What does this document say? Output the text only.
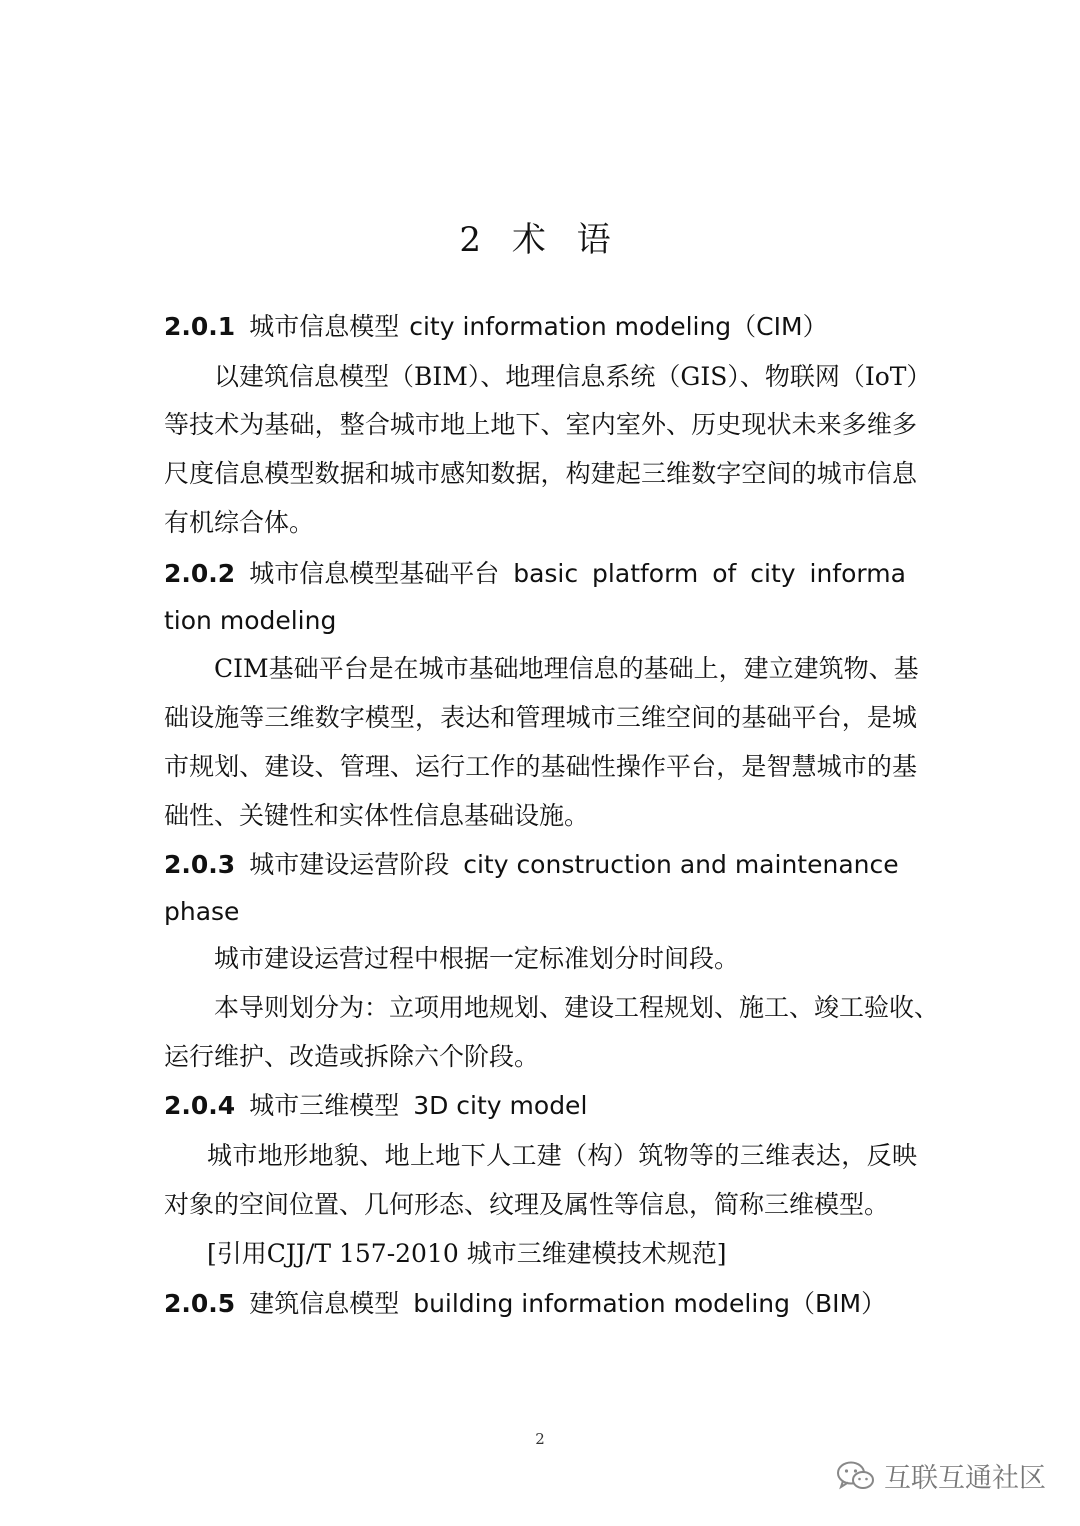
2 术 语
2.0.1 城市信息模型 city information modeling（CIM）
以建筑信息模型（BIM）、地理信息系统（GIS）、物联网（IoT）
等技术为基础，整合城市地上地下、室内室外、历史现状未来多维多
尺度信息模型数据和城市感知数据，构建起三维数字空间的城市信息
有机综合体。
2.0.2 城市信息模型基础平台 basic platform of city informa
tion modeling
CIM基础平台是在城市基础地理信息的基础上，建立建筑物、基
础设施等三维数字模型，表达和管理城市三维空间的基础平台，是城
市规划、建设、管理、运行工作的基础性操作平台，是智慧城市的基
础性、关键性和实体性信息基础设施。
2.0.3 城市建设运营阶段 city construction and maintenance
phase
城市建设运营过程中根据一定标准划分时间段。
本导则划分为：立项用地规划、建设工程规划、施工、竣工验收、
运行维护、改造或拆除六个阶段。
2.0.4 城市三维模型 3D city model
城市地形地貌、地上地下人工建（构）筑物等的三维表达，反映
对象的空间位置、几何形态、纹理及属性等信息，简称三维模型。
[引用CJJ/T 157-2010 城市三维建模技术规范]
2.0.5 建筑信息模型 building information modeling（BIM）
2
互联互通社区
